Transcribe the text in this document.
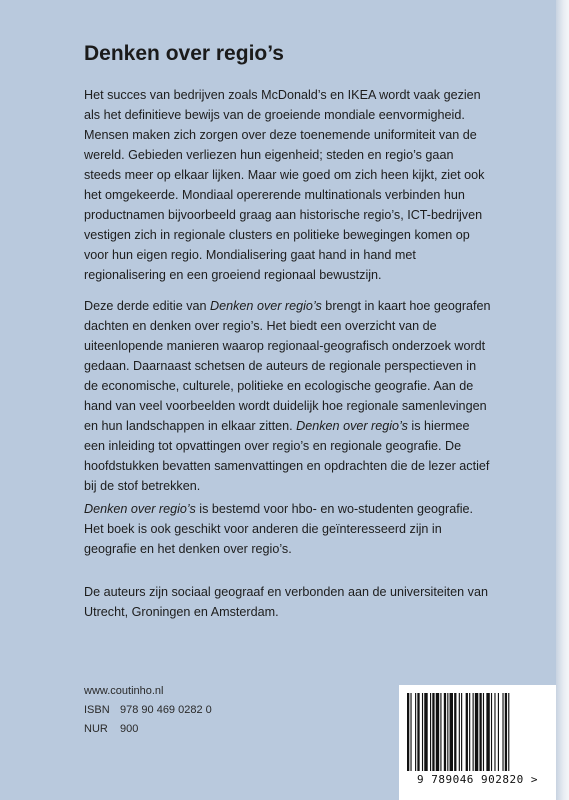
Denken over regio’s

Het succes van bedrijven zoals McDonald’s en IKEA wordt vaak gezien als het definitieve bewijs van de groeiende mondiale eenvormigheid. Mensen maken zich zorgen over deze toenemende uniformiteit van de wereld. Gebieden verliezen hun eigenheid; steden en regio’s gaan steeds meer op elkaar lijken. Maar wie goed om zich heen kijkt, ziet ook het omgekeerde. Mondiaal opererende multinationals verbinden hun productnamen bijvoorbeeld graag aan historische regio’s, ICT-bedrijven vestigen zich in regionale clusters en politieke bewegingen komen op voor hun eigen regio. Mondialisering gaat hand in hand met regionalisering en een groeiend regionaal bewustzijn.

Deze derde editie van Denken over regio’s brengt in kaart hoe geografen dachten en denken over regio’s. Het biedt een overzicht van de uiteenlopende manieren waarop regionaal-geografisch onderzoek wordt gedaan. Daarnaast schetsen de auteurs de regionale perspectieven in de economische, culturele, politieke en ecologische geografie. Aan de hand van veel voorbeelden wordt duidelijk hoe regionale samenlevingen en hun landschappen in elkaar zitten. Denken over regio’s is hiermee een inleiding tot opvattingen over regio’s en regionale geografie. De hoofdstukken bevatten samenvattingen en opdrachten die de lezer actief bij de stof betrekken.

Denken over regio’s is bestemd voor hbo- en wo-studenten geografie. Het boek is ook geschikt voor anderen die geïnteresseerd zijn in geografie en het denken over regio’s.

De auteurs zijn sociaal geograaf en verbonden aan de universiteiten van Utrecht, Groningen en Amsterdam.

www.coutinho.nl
ISBN 978 90 469 0282 0
NUR 900
9 789046 902820 >
